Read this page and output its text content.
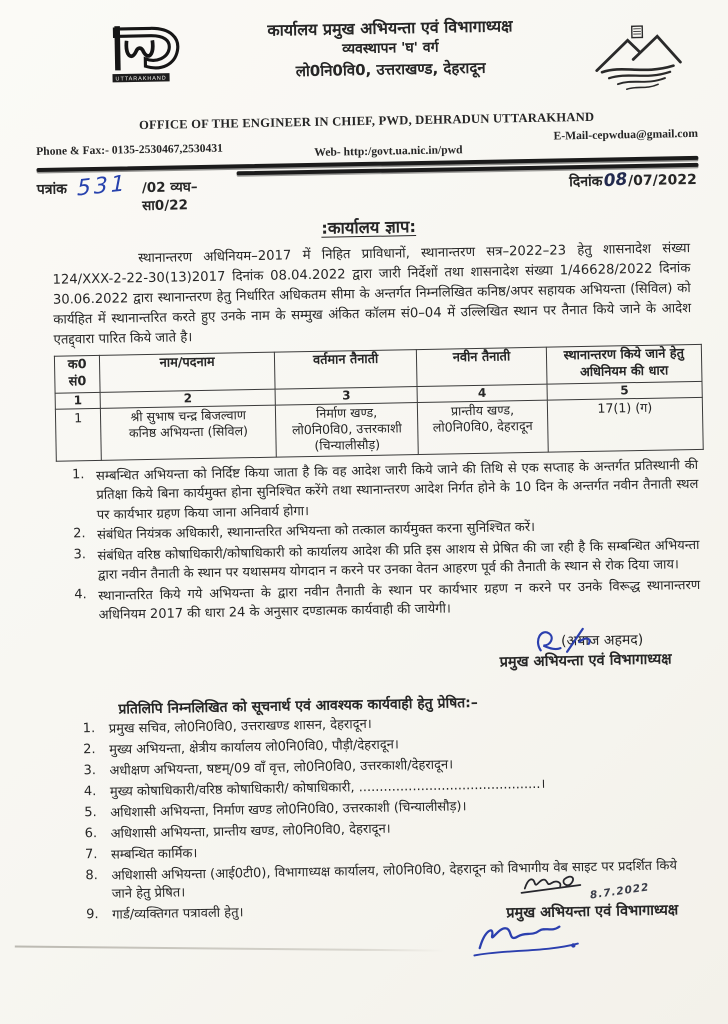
UTTARAKHAND
कार्यालय प्रमुख अभियन्ता एवं विभागाध्यक्ष
व्यवस्थापन 'घ' वर्ग
लो0नि0वि0, उत्तराखण्ड, देहरादून
OFFICE OF THE ENGINEER IN CHIEF, PWD, DEHRADUN UTTARAKHAND
Phone & Fax:- 0135-2530467,2530431	Web- http:/govt.ua.nic.in/pwd
E-Mail-cepwdua@gmail.com
पत्रांक 531 /02 व्यघ–सा0/22
दिनांक08/07/2022
:कार्यालय ज्ञाप:
स्थानान्तरण अधिनियम–2017 में निहित प्राविधानों, स्थानान्तरण सत्र–2022–23 हेतु शासनादेश संख्या 124/XXX-2-22-30(13)2017 दिनांक 08.04.2022 द्वारा जारी निर्देशों तथा शासनादेश संख्या 1/46628/2022 दिनांक 30.06.2022 द्वारा स्थानान्तरण हेतु निर्धारित अधिकतम सीमा के अन्तर्गत निम्नलिखित कनिष्ठ/अपर सहायक अभियन्ता (सिविल) को कार्यहित में स्थानान्तरित करते हुए उनके नाम के सम्मुख अंकित कॉलम सं0–04 में उल्लिखित स्थान पर तैनात किये जाने के आदेश एतद्द्वारा पारित किये जाते है।
क0
सं0	नाम/पदनाम	वर्तमान तैनाती	नवीन तैनाती	स्थानान्तरण किये जाने हेतु
अधिनियम की धारा
1	2	3	4	5
1	श्री सुभाष चन्द्र बिजल्वाण
कनिष्ठ अभियन्ता (सिविल)	निर्माण खण्ड,
लो0नि0वि0, उत्तरकाशी
(चिन्यालीसौड़)	प्रान्तीय खण्ड,
लो0नि0वि0, देहरादून	17(1) (ग)
1. सम्बन्धित अभियन्ता को निर्दिष्ट किया जाता है कि वह आदेश जारी किये जाने की तिथि से एक सप्ताह के अन्तर्गत प्रतिस्थानी की प्रतिक्षा किये बिना कार्यमुक्त होना सुनिश्चित करेंगे तथा स्थानान्तरण आदेश निर्गत होने के 10 दिन के अन्तर्गत नवीन तैनाती स्थल पर कार्यभार ग्रहण किया जाना अनिवार्य होगा।
2. संबंधित नियंत्रक अधिकारी, स्थानान्तरित अभियन्ता को तत्काल कार्यमुक्त करना सुनिश्चित करें।
3. संबंधित वरिष्ठ कोषाधिकारी/कोषाधिकारी को कार्यालय आदेश की प्रति इस आशय से प्रेषित की जा रही है कि सम्बन्धित अभियन्ता द्वारा नवीन तैनाती के स्थान पर यथासमय योगदान न करने पर उनका वेतन आहरण पूर्व की तैनाती के स्थान से रोक दिया जाय।
4. स्थानान्तरित किये गये अभियन्ता के द्वारा नवीन तैनाती के स्थान पर कार्यभार ग्रहण न करने पर उनके विरूद्ध स्थानान्तरण अधिनियम 2017 की धारा 24 के अनुसार दण्डात्मक कार्यवाही की जायेगी।
(अयाज अहमद)
प्रमुख अभियन्ता एवं विभागाध्यक्ष
प्रतिलिपि निम्नलिखित को सूचनार्थ एवं आवश्यक कार्यवाही हेतु प्रेषित:–
1.	प्रमुख सचिव, लो0नि0वि0, उत्तराखण्ड शासन, देहरादून।
2.	मुख्य अभियन्ता, क्षेत्रीय कार्यालय लो0नि0वि0, पौड़ी/देहरादून।
3.	अधीक्षण अभियन्ता, षष्टम्/09 वाँ वृत्त, लो0नि0वि0, उत्तरकाशी/देहरादून।
4.	मुख्य कोषाधिकारी/वरिष्ठ कोषाधिकारी/ कोषाधिकारी, ............................................।
5.	अधिशासी अभियन्ता, निर्माण खण्ड लो0नि0वि0, उत्तरकाशी (चिन्यालीसौड़)।
6.	अधिशासी अभियन्ता, प्रान्तीय खण्ड, लो0नि0वि0, देहरादून।
7.	सम्बन्धित कार्मिक।
8.	अधिशासी अभियन्ता (आई0टी0), विभागाध्यक्ष कार्यालय, लो0नि0वि0, देहरादून को विभागीय वेब साइट पर प्रदर्शित किये जाने हेतु प्रेषित।
9.	गार्ड/व्यक्तिगत पत्रावली हेतु।
8.7.2022
प्रमुख अभियन्ता एवं विभागाध्यक्ष
